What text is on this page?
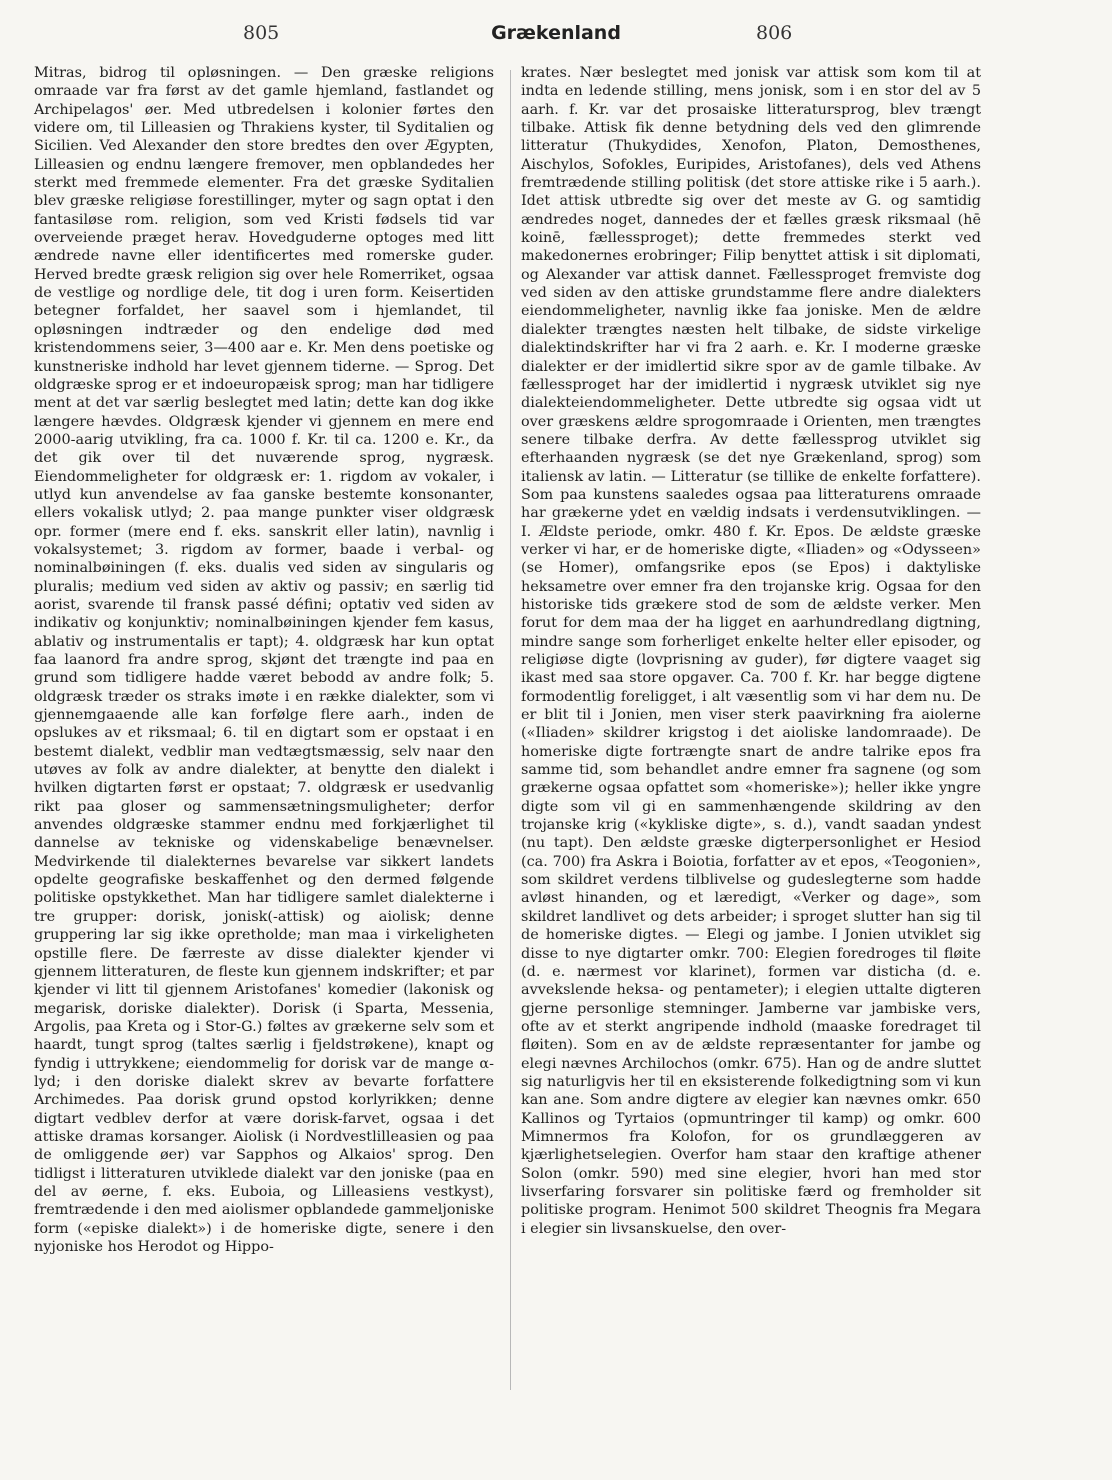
805	Grækenland	806

Mitras, bidrog til opløsningen. — Den græske religions omraade var fra først av det gamle hjemland, fastlandet og Archipelagos' øer. Med utbredelsen i kolonier førtes den videre om, til Lilleasien og Thrakiens kyster, til Syditalien og Sicilien. Ved Alexander den store bredtes den over Ægypten, Lilleasien og endnu længere fremover, men opblandedes her sterkt med fremmede elementer. Fra det græske Syditalien blev græske religiøse forestillinger, myter og sagn optat i den fantasiløse rom. religion, som ved Kristi fødsels tid var overveiende præget herav. Hovedguderne optoges med litt ændrede navne eller identificertes med romerske guder. Herved bredte græsk religion sig over hele Romerriket, ogsaa de vestlige og nordlige dele, tit dog i uren form. Keisertiden betegner forfaldet, her saavel som i hjemlandet, til opløsningen indtræder og den endelige død med kristendommens seier, 3—400 aar e. Kr. Men dens poetiske og kunstneriske indhold har levet gjennem tiderne. — Sprog. Det oldgræske sprog er et indoeuropæisk sprog; man har tidligere ment at det var særlig beslegtet med latin; dette kan dog ikke længere hævdes. Oldgræsk kjender vi gjennem en mere end 2000-aarig utvikling, fra ca. 1000 f. Kr. til ca. 1200 e. Kr., da det gik over til det nuværende sprog, nygræsk. Eiendommeligheter for oldgræsk er: 1. rigdom av vokaler, i utlyd kun anvendelse av faa ganske bestemte konsonanter, ellers vokalisk utlyd; 2. paa mange punkter viser oldgræsk opr. former (mere end f. eks. sanskrit eller latin), navnlig i vokalsystemet; 3. rigdom av former, baade i verbal- og nominalbøiningen (f. eks. dualis ved siden av singularis og pluralis; medium ved siden av aktiv og passiv; en særlig tid aorist, svarende til fransk passé défini; optativ ved siden av indikativ og konjunktiv; nominalbøiningen kjender fem kasus, ablativ og instrumentalis er tapt); 4. oldgræsk har kun optat faa laanord fra andre sprog, skjønt det trængte ind paa en grund som tidligere hadde været bebodd av andre folk; 5. oldgræsk træder os straks imøte i en række dialekter, som vi gjennemgaaende alle kan forfølge flere aarh., inden de opslukes av et riksmaal; 6. til en digtart som er opstaat i en bestemt dialekt, vedblir man vedtægtsmæssig, selv naar den utøves av folk av andre dialekter, at benytte den dialekt i hvilken digtarten først er opstaat; 7. oldgræsk er usedvanlig rikt paa gloser og sammensætningsmuligheter; derfor anvendes oldgræske stammer endnu med forkjærlighet til dannelse av tekniske og videnskabelige benævnelser. Medvirkende til dialekternes bevarelse var sikkert landets opdelte geografiske beskaffenhet og den dermed følgende politiske opstykkethet. Man har tidligere samlet dialekterne i tre grupper: dorisk, jonisk(-attisk) og aiolisk; denne gruppering lar sig ikke opretholde; man maa i virkeligheten opstille flere. De færreste av disse dialekter kjender vi gjennem litteraturen, de fleste kun gjennem indskrifter; et par kjender vi litt til gjennem Aristofanes' komedier (lakonisk og megarisk, doriske dialekter). Dorisk (i Sparta, Messenia, Argolis, paa Kreta og i Stor-G.) føltes av grækerne selv som et haardt, tungt sprog (taltes særlig i fjeldstrøkene), knapt og fyndig i uttrykkene; eiendommelig for dorisk var de mange α-lyd; i den doriske dialekt skrev av bevarte forfattere Archimedes. Paa dorisk grund opstod korlyrikken; denne digtart vedblev derfor at være dorisk-farvet, ogsaa i det attiske dramas korsanger. Aiolisk (i Nordvestlilleasien og paa de omliggende øer) var Sapphos og Alkaios' sprog. Den tidligst i litteraturen utviklede dialekt var den joniske (paa en del av øerne, f. eks. Euboia, og Lilleasiens vestkyst), fremtrædende i den med aiolismer opblandede gammeljoniske form («episke dialekt») i de homeriske digte, senere i den nyjoniske hos Herodot og Hippo-

krates. Nær beslegtet med jonisk var attisk som kom til at indta en ledende stilling, mens jonisk, som i en stor del av 5 aarh. f. Kr. var det prosaiske litteratursprog, blev trængt tilbake. Attisk fik denne betydning dels ved den glimrende litteratur (Thukydides, Xenofon, Platon, Demosthenes, Aischylos, Sofokles, Euripides, Aristofanes), dels ved Athens fremtrædende stilling politisk (det store attiske rike i 5 aarh.). Idet attisk utbredte sig over det meste av G. og samtidig ændredes noget, dannedes der et fælles græsk riksmaal (hē koinē, fællessproget); dette fremmedes sterkt ved makedonernes erobringer; Filip benyttet attisk i sit diplomati, og Alexander var attisk dannet. Fællessproget fremviste dog ved siden av den attiske grundstamme flere andre dialekters eiendommeligheter, navnlig ikke faa joniske. Men de ældre dialekter trængtes næsten helt tilbake, de sidste virkelige dialektindskrifter har vi fra 2 aarh. e. Kr. I moderne græske dialekter er der imidlertid sikre spor av de gamle tilbake. Av fællessproget har der imidlertid i nygræsk utviklet sig nye dialekteiendommeligheter. Dette utbredte sig ogsaa vidt ut over græskens ældre sprogomraade i Orienten, men trængtes senere tilbake derfra. Av dette fællessprog utviklet sig efterhaanden nygræsk (se det nye Grækenland, sprog) som italiensk av latin. — Litteratur (se tillike de enkelte forfattere). Som paa kunstens saaledes ogsaa paa litteraturens omraade har grækerne ydet en vældig indsats i verdensutviklingen. — I. Ældste periode, omkr. 480 f. Kr. Epos. De ældste græske verker vi har, er de homeriske digte, «Iliaden» og «Odysseen» (se Homer), omfangsrike epos (se Epos) i daktyliske heksametre over emner fra den trojanske krig. Ogsaa for den historiske tids grækere stod de som de ældste verker. Men forut for dem maa der ha ligget en aarhundredlang digtning, mindre sange som forherliget enkelte helter eller episoder, og religiøse digte (lovprisning av guder), før digtere vaaget sig ikast med saa store opgaver. Ca. 700 f. Kr. har begge digtene formodentlig foreligget, i alt væsentlig som vi har dem nu. De er blit til i Jonien, men viser sterk paavirkning fra aiolerne («Iliaden» skildrer krigstog i det aioliske landomraade). De homeriske digte fortrængte snart de andre talrike epos fra samme tid, som behandlet andre emner fra sagnene (og som grækerne ogsaa opfattet som «homeriske»); heller ikke yngre digte som vil gi en sammenhængende skildring av den trojanske krig («kykliske digte», s. d.), vandt saadan yndest (nu tapt). Den ældste græske digterpersonlighet er Hesiod (ca. 700) fra Askra i Boiotia, forfatter av et epos, «Teogonien», som skildret verdens tilblivelse og gudeslegterne som hadde avløst hinanden, og et læredigt, «Verker og dage», som skildret landlivet og dets arbeider; i sproget slutter han sig til de homeriske digtes. — Elegi og jambe. I Jonien utviklet sig disse to nye digtarter omkr. 700: Elegien foredroges til fløite (d. e. nærmest vor klarinet), formen var disticha (d. e. avvekslende heksa- og pentameter); i elegien uttalte digteren gjerne personlige stemninger. Jamberne var jambiske vers, ofte av et sterkt angripende indhold (maaske foredraget til fløiten). Som en av de ældste repræsentanter for jambe og elegi nævnes Archilochos (omkr. 675). Han og de andre sluttet sig naturligvis her til en eksisterende folkedigtning som vi kun kan ane. Som andre digtere av elegier kan nævnes omkr. 650 Kallinos og Tyrtaios (opmuntringer til kamp) og omkr. 600 Mimnermos fra Kolofon, for os grundlæggeren av kjærlighetselegien. Overfor ham staar den kraftige athener Solon (omkr. 590) med sine elegier, hvori han med stor livserfaring forsvarer sin politiske færd og fremholder sit politiske program. Henimot 500 skildret Theognis fra Megara i elegier sin livsanskuelse, den over-
